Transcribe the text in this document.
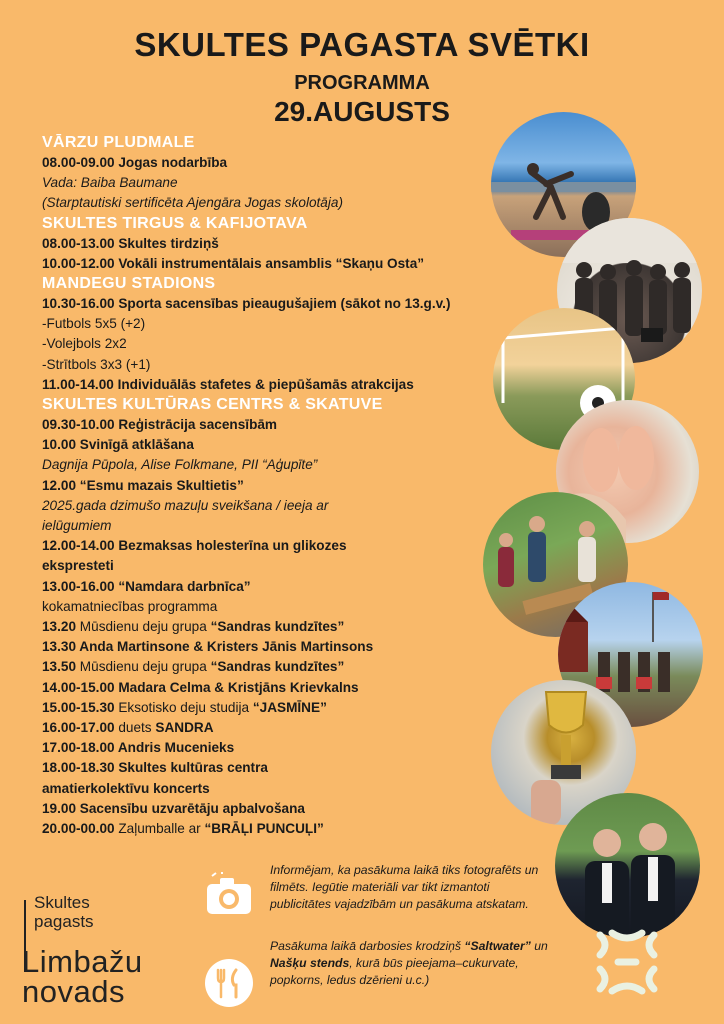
SKULTES PAGASTA SVĒTKI
PROGRAMMA
29.AUGUSTS
VĀRZU PLUDMALE
08.00-09.00 Jogas nodarbība
Vada: Baiba Baumane
(Starptautiski sertificēta Ajengāra Jogas skolotāja)
SKULTES TIRGUS & KAFIJOTAVA
08.00-13.00 Skultes tirdziņš
10.00-12.00 Vokāli instrumentālais ansamblis “Skaņu Osta”
MANDEGU STADIONS
10.30-16.00 Sporta sacensības pieaugušajiem (sākot no 13.g.v.)
-Futbols 5x5 (+2)
-Volejbols 2x2
-Strītbols 3x3 (+1)
11.00-14.00 Individuālās stafetes & piepūšamās atrakcijas
SKULTES KULTŪRAS CENTRS & SKATUVE
09.30-10.00 Reģistrācija sacensībām
10.00 Svinīgā atklāšana
Dagnija Pūpola, Alise Folkmane, PII “Aģupīte”
12.00 “Esmu mazais Skultietis”
2025.gada dzimušo mazuļu sveikšana / ieeja ar ielūgumiem
12.00-14.00 Bezmaksas holesterīna un glikozes ekspresteti
13.00-16.00 “Namdara darbnīca”
kokamatniecības programma
13.20 Mūsdienu deju grupa “Sandras kundzītes”
13.30 Anda Martinsone & Kristers Jānis Martinsons
13.50 Mūsdienu deju grupa “Sandras kundzītes”
14.00-15.00 Madara Celma & Kristjāns Krievkalns
15.00-15.30 Eksotisko deju studija “JASMĪNE”
16.00-17.00 duets SANDRA
17.00-18.00 Andris Mucenieks
18.00-18.30 Skultes kultūras centra amatierkolektīvu koncerts
19.00 Sacensību uzvarētāju apbalvošana
20.00-00.00 Zaļumballe ar “BRĀĻI PUNCUĻI”
Informējam, ka pasākuma laikā tiks fotografēts un filmēts. Iegūtie materiāli var tikt izmantoti publicitātes vajadzībām un pasākuma atskatam.
Pasākuma laikā darbosies krodziņš “Saltwater” un Našķu stends, kurā būs pieejama–cukurvate, popkorns, ledus dzērieni u.c.)
Skultes
pagasts
Limbažu
novads
